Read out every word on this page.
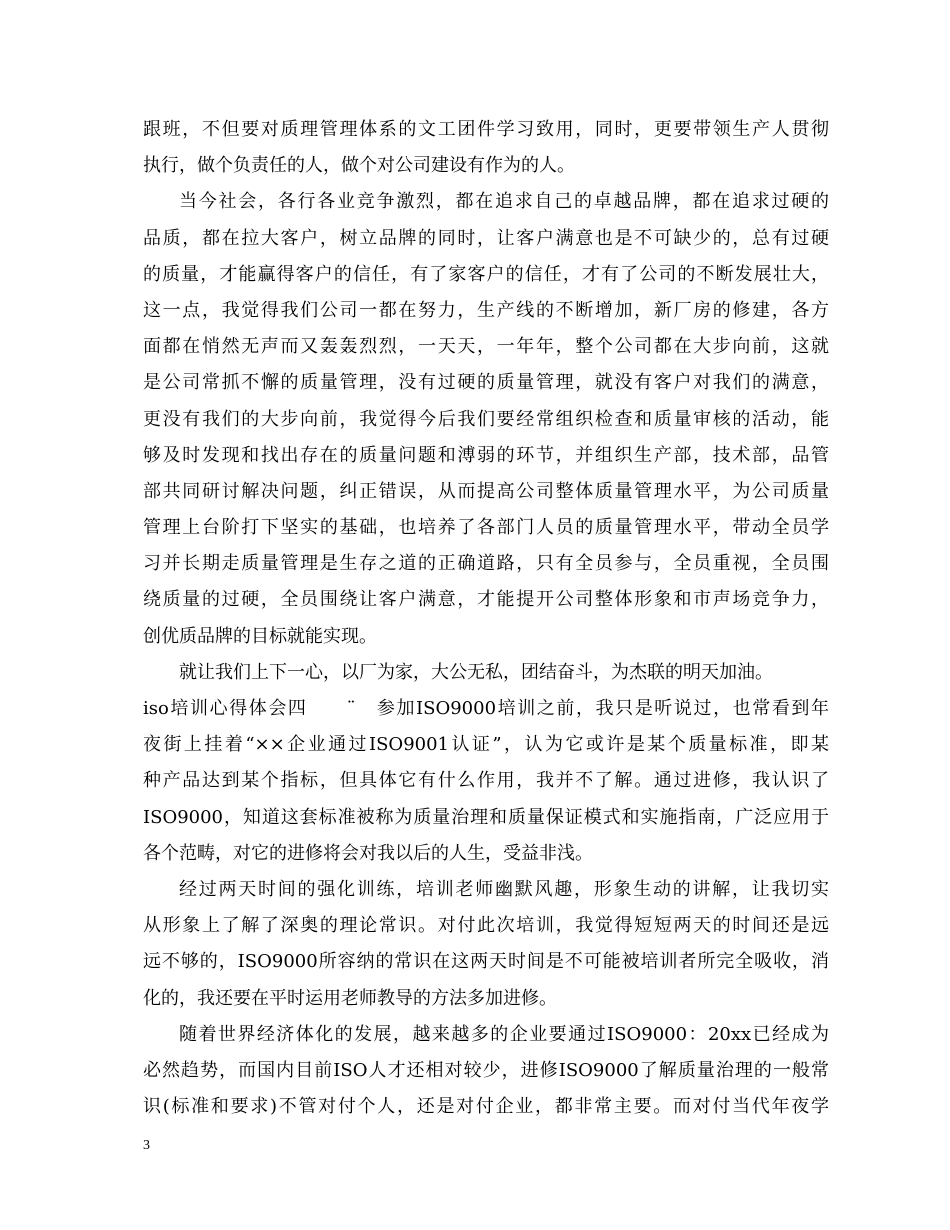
跟班，不但要对质理管理体系的文工团件学习致用，同时，更要带领生产人贯彻
执行，做个负责任的人，做个对公司建设有作为的人。
当今社会，各行各业竞争激烈，都在追求自己的卓越品牌，都在追求过硬的
品质，都在拉大客户，树立品牌的同时，让客户满意也是不可缺少的，总有过硬
的质量，才能赢得客户的信任，有了家客户的信任，才有了公司的不断发展壮大，
这一点，我觉得我们公司一都在努力，生产线的不断增加，新厂房的修建，各方
面都在悄然无声而又轰轰烈烈，一天天，一年年，整个公司都在大步向前，这就
是公司常抓不懈的质量管理，没有过硬的质量管理，就没有客户对我们的满意，
更没有我们的大步向前，我觉得今后我们要经常组织检查和质量审核的活动，能
够及时发现和找出存在的质量问题和溥弱的环节，并组织生产部，技术部，品管
部共同研讨解决问题，纠正错误，从而提高公司整体质量管理水平，为公司质量
管理上台阶打下坚实的基础，也培养了各部门人员的质量管理水平，带动全员学
习并长期走质量管理是生存之道的正确道路，只有全员参与，全员重视，全员围
绕质量的过硬，全员围绕让客户满意，才能提开公司整体形象和市声场竞争力，
创优质品牌的目标就能实现。
就让我们上下一心，以厂为家，大公无私，团结奋斗，为杰联的明天加油。
iso培训心得体会四　　¨　参加ISO9000培训之前，我只是听说过，也常看到年
夜街上挂着“××企业通过ISO9001认证”，认为它或许是某个质量标准，即某
种产品达到某个指标，但具体它有什么作用，我并不了解。通过进修，我认识了
ISO9000，知道这套标准被称为质量治理和质量保证模式和实施指南，广泛应用于
各个范畴，对它的进修将会对我以后的人生，受益非浅。
经过两天时间的强化训练，培训老师幽默风趣，形象生动的讲解，让我切实
从形象上了解了深奥的理论常识。对付此次培训，我觉得短短两天的时间还是远
远不够的，ISO9000所容纳的常识在这两天时间是不可能被培训者所完全吸收，消
化的，我还要在平时运用老师教导的方法多加进修。
随着世界经济体化的发展，越来越多的企业要通过ISO9000：20xx已经成为
必然趋势，而国内目前ISO人才还相对较少，进修ISO9000了解质量治理的一般常
识(标准和要求)不管对付个人，还是对付企业，都非常主要。而对付当代年夜学
3
